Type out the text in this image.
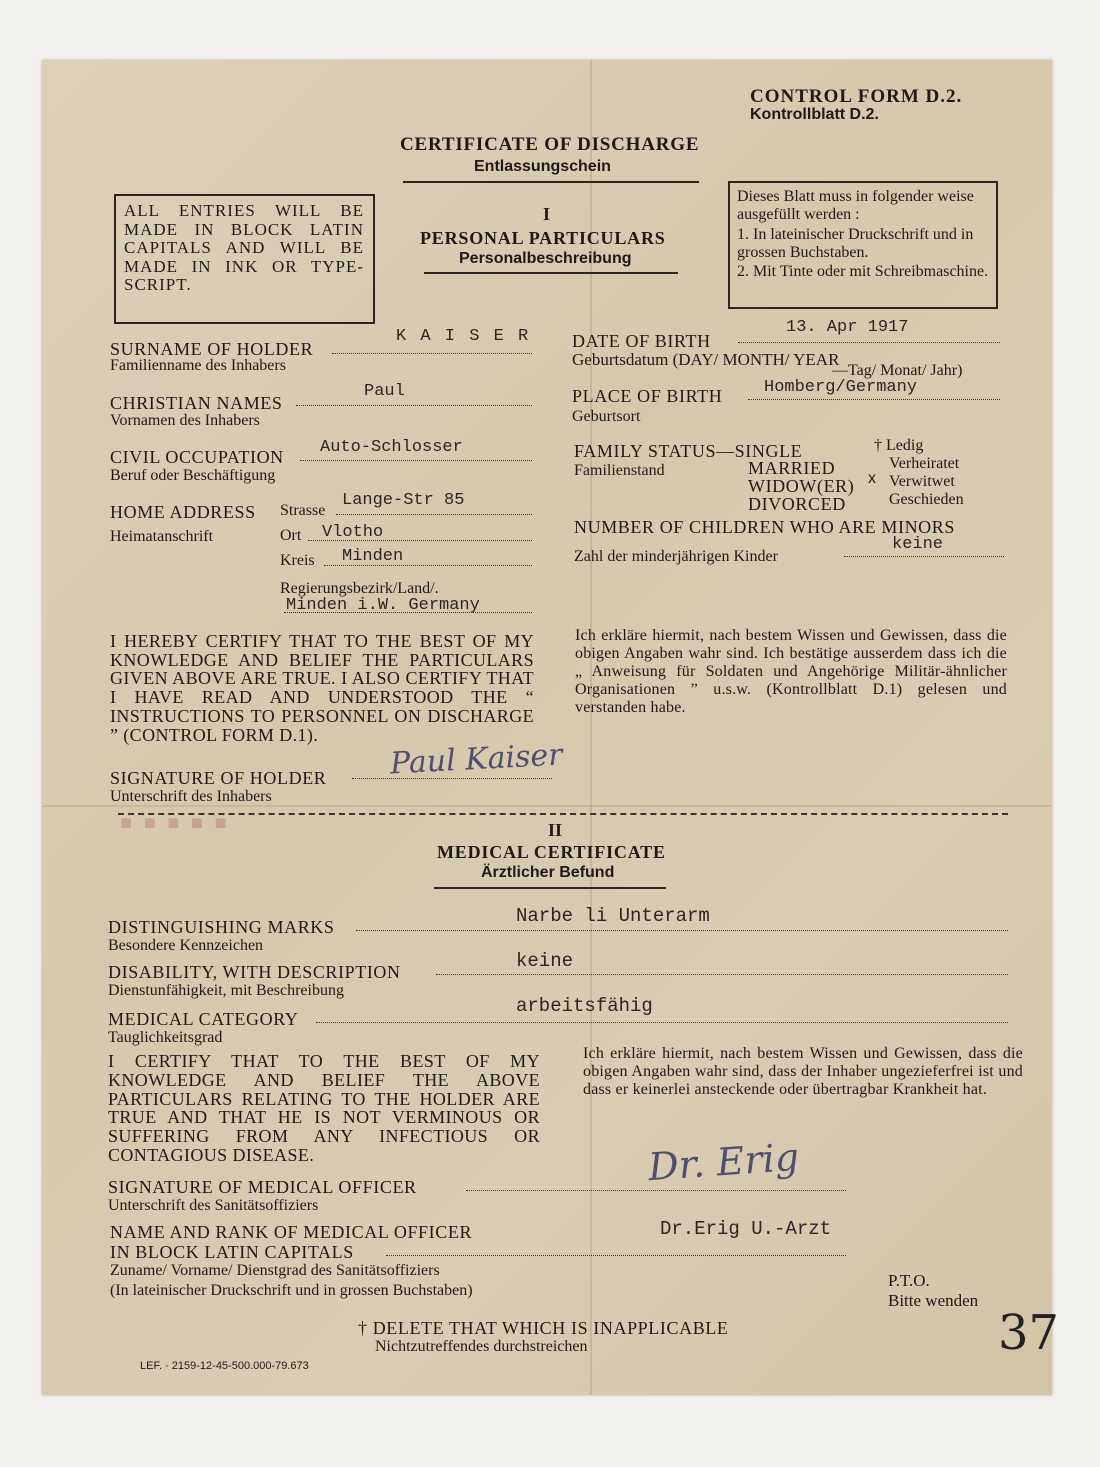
■ ■ ■ ■ ■
CONTROL FORM D.2.
Kontrollblatt D.2.
CERTIFICATE OF DISCHARGE
Entlassungschein
ALL ENTRIES WILL BE MADE IN BLOCK LATIN CAPITALS AND WILL BE MADE IN INK OR TYPE-SCRIPT.
I
PERSONAL PARTICULARS
Personalbeschreibung
Dieses Blatt muss in folgender weise ausgefüllt werden :
1. In lateinischer Druckschrift und in grossen Buchstaben.
2. Mit Tinte oder mit Schreibmaschine.
SURNAME OF HOLDER
Familienname des Inhabers
K A I S E R
CHRISTIAN NAMES
Vornamen des Inhabers
Paul
CIVIL OCCUPATION
Beruf oder Beschäftigung
Auto-Schlosser
HOME ADDRESS
Heimatanschrift
Strasse
Lange-Str 85
Ort Vlotho
Kreis Minden
Regierungsbezirk/Land/.
Minden i.W. Germany
DATE OF BIRTH
Geburtsdatum (DAY/ MONTH/ YEAR
—Tag/ Monat/ Jahr)
13. Apr 1917
PLACE OF BIRTH
Geburtsort
Homberg/Germany
FAMILY STATUS—SINGLE
Familienstand	MARRIED
WIDOW(ER)
DIVORCED
† Ledig
Verheiratet
Verwitwet
Geschieden
x
NUMBER OF CHILDREN WHO ARE MINORS
Zahl der minderjährigen Kinder
keine
I HEREBY CERTIFY THAT TO THE BEST OF MY KNOWLEDGE AND BELIEF THE PARTICULARS GIVEN ABOVE ARE TRUE. I ALSO CERTIFY THAT I HAVE READ AND UNDERSTOOD THE “ INSTRUCTIONS TO PERSONNEL ON DISCHARGE ” (CONTROL FORM D.1).
Ich erkläre hiermit, nach bestem Wissen und Gewissen, dass die obigen Angaben wahr sind. Ich bestätige ausserdem dass ich die „ Anweisung für Soldaten und Angehörige Militär-ähnlicher Organisationen ” u.s.w. (Kontrollblatt D.1) gelesen und verstanden habe.
SIGNATURE OF HOLDER
Unterschrift des Inhabers
Paul Kaiser
II
MEDICAL CERTIFICATE
Ärztlicher Befund
DISTINGUISHING MARKS
Besondere Kennzeichen
Narbe li Unterarm
DISABILITY, WITH DESCRIPTION
Dienstunfähigkeit, mit Beschreibung
keine
MEDICAL CATEGORY
Tauglichkeitsgrad
arbeitsfähig
I CERTIFY THAT TO THE BEST OF MY KNOWLEDGE AND BELIEF THE ABOVE PARTICULARS RELATING TO THE HOLDER ARE TRUE AND THAT HE IS NOT VERMINOUS OR SUFFERING FROM ANY INFECTIOUS OR CONTAGIOUS DISEASE.
Ich erkläre hiermit, nach bestem Wissen und Gewissen, dass die obigen Angaben wahr sind, dass der Inhaber ungezieferfrei ist und dass er keinerlei ansteckende oder übertragbar Krankheit hat.
SIGNATURE OF MEDICAL OFFICER
Unterschrift des Sanitätsoffiziers
Dr. Erig
NAME AND RANK OF MEDICAL OFFICER
IN BLOCK LATIN CAPITALS
Zuname/ Vorname/ Dienstgrad des Sanitätsoffiziers
(In lateinischer Druckschrift und in grossen Buchstaben)
Dr.Erig U.-Arzt
P.T.O.
Bitte wenden
† DELETE THAT WHICH IS INAPPLICABLE
Nichtzutreffendes durchstreichen
LEF. · 2159-12-45-500.000-79.673
37
